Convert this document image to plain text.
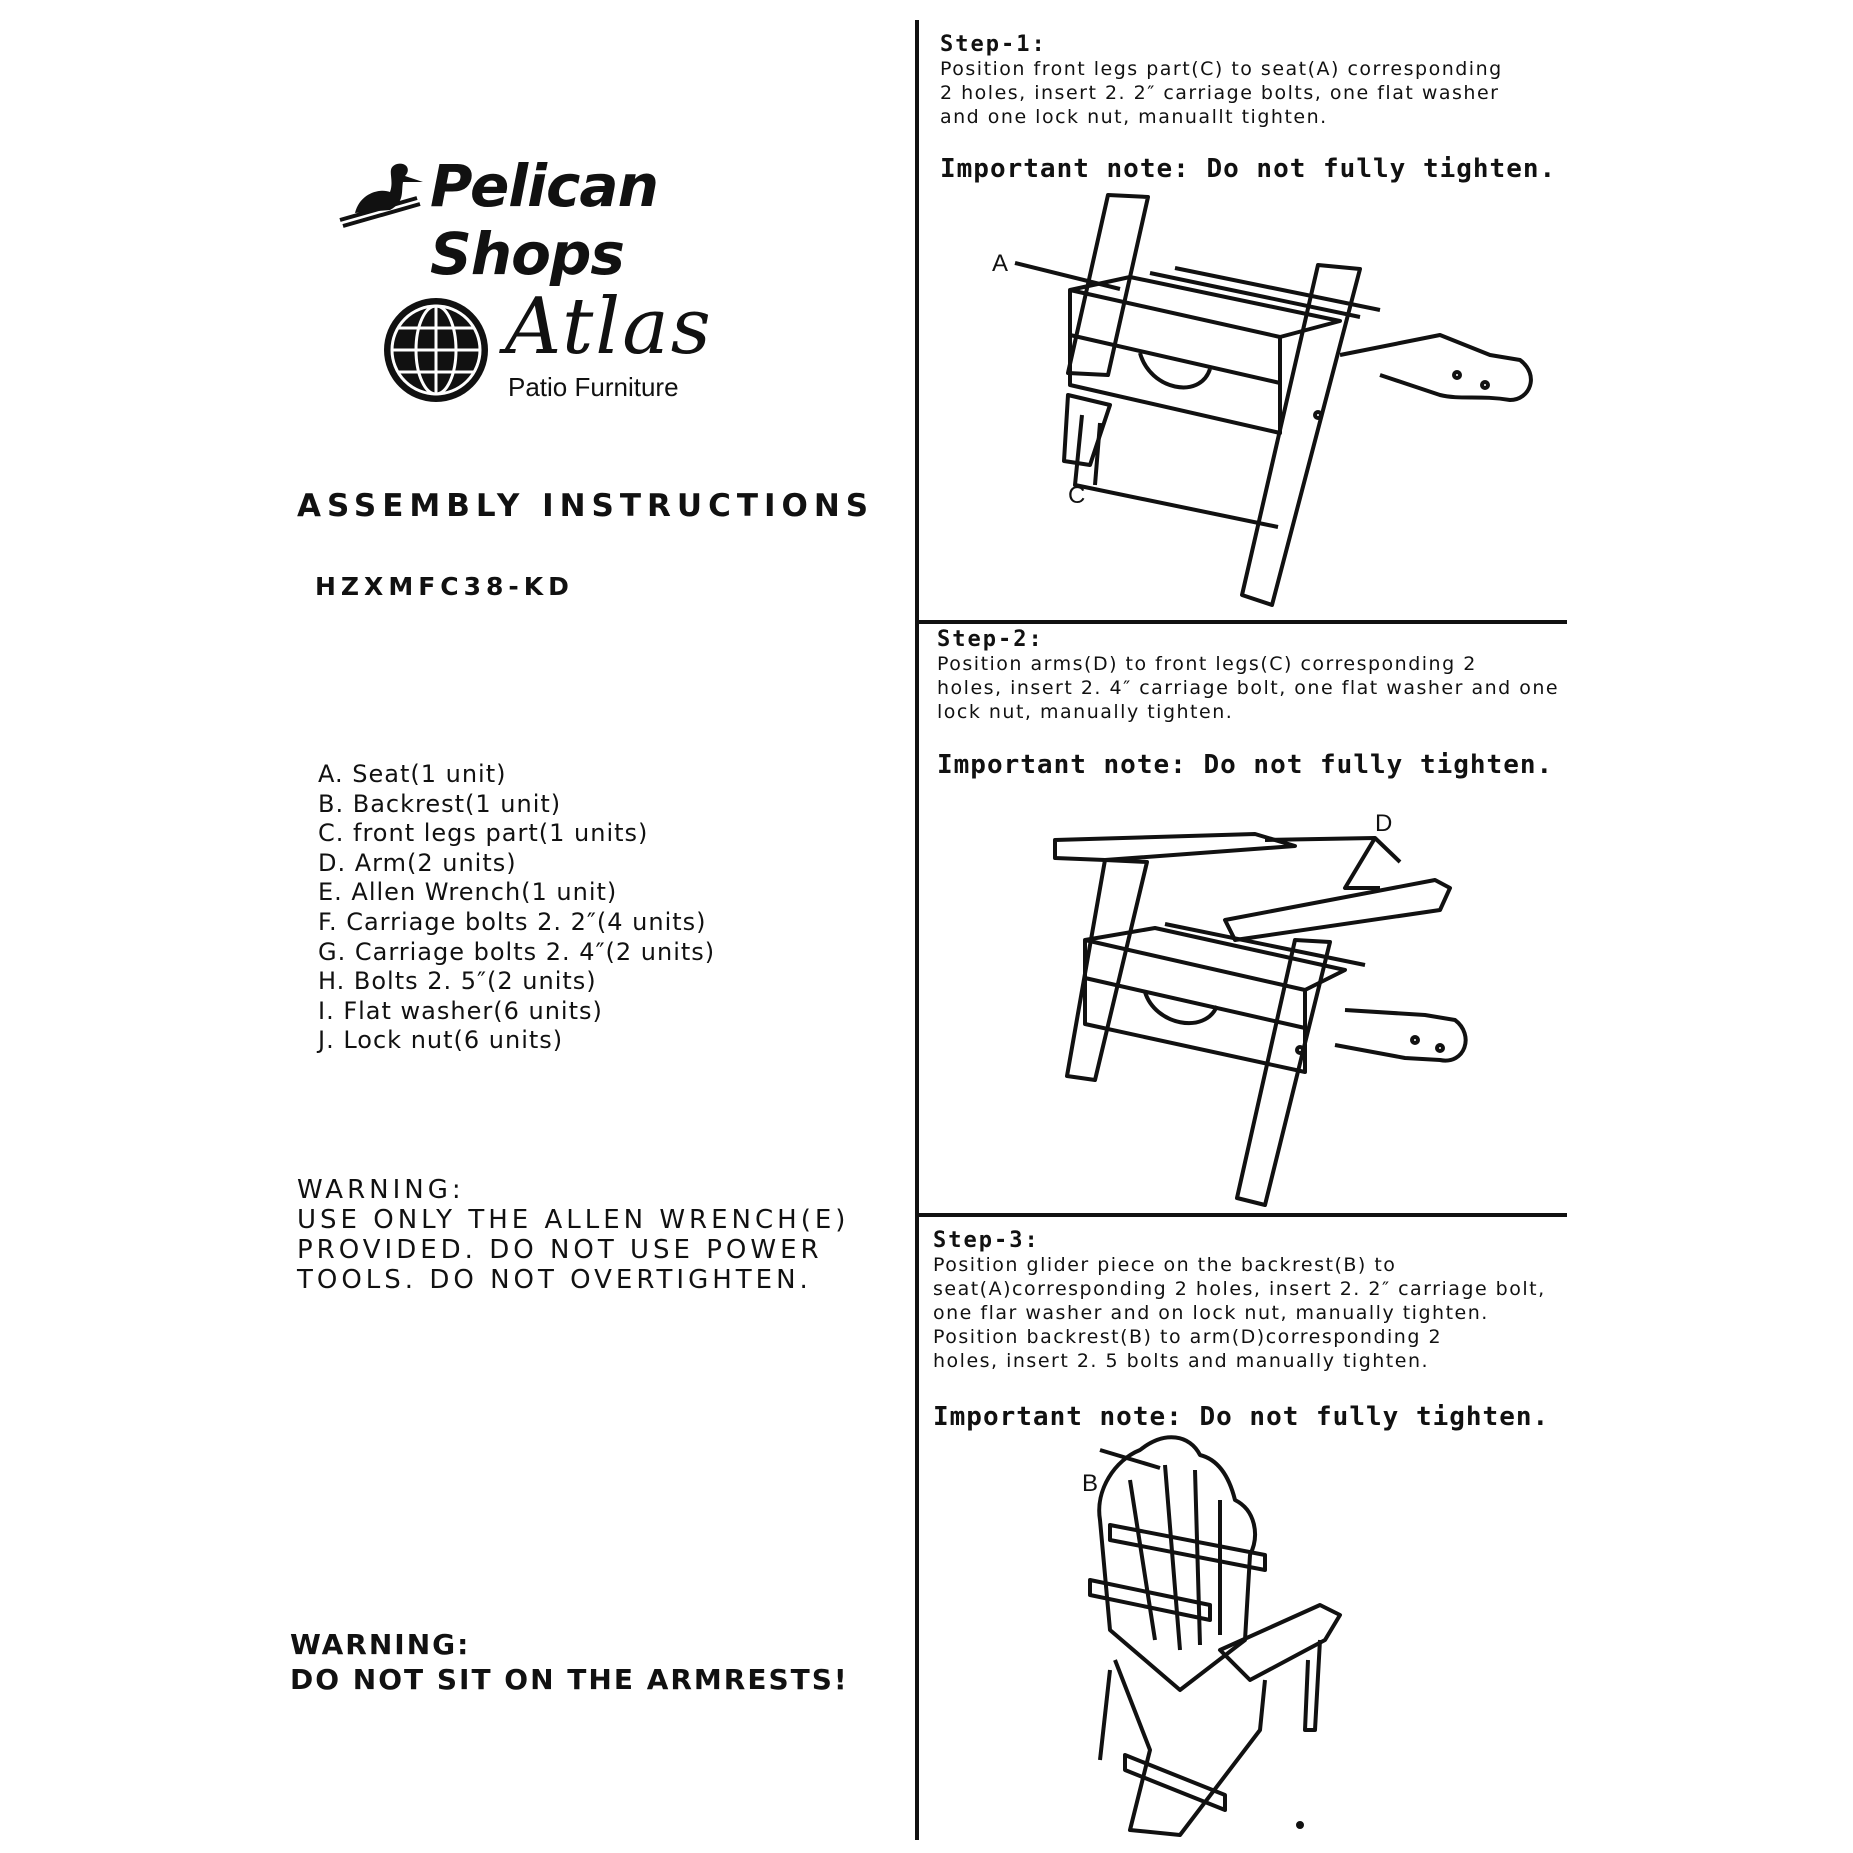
Pelican Shops
Atlas
Patio Furniture
ASSEMBLY INSTRUCTIONS
HZXMFC38-KD
A. Seat(1 unit)
B. Backrest(1 unit)
C. front legs part(1 units)
D. Arm(2 units)
E. Allen Wrench(1 unit)
F. Carriage bolts 2. 2″(4 units)
G. Carriage bolts 2. 4″(2 units)
H. Bolts 2. 5″(2 units)
I. Flat washer(6 units)
J. Lock nut(6 units)
WARNING:
USE ONLY THE ALLEN WRENCH(E)
PROVIDED. DO NOT USE POWER
TOOLS. DO NOT OVERTIGHTEN.
WARNING:
DO NOT SIT ON THE ARMRESTS!
Step-1:
Position front legs part(C) to seat(A) corresponding
2 holes, insert 2. 2″ carriage bolts, one flat washer
and one lock nut, manuallt tighten.
Important note: Do not fully tighten.
A
C
Step-2:
Position arms(D) to front legs(C) corresponding 2
holes, insert 2. 4″ carriage bolt, one flat washer and one
lock nut, manually tighten.
Important note: Do not fully tighten.
D
Step-3:
Position glider piece on the backrest(B) to
seat(A)corresponding 2 holes, insert 2. 2″ carriage bolt,
one flar washer and on lock nut, manually tighten.
Position backrest(B) to arm(D)corresponding 2
holes, insert 2. 5 bolts and manually tighten.
Important note: Do not fully tighten.
B
